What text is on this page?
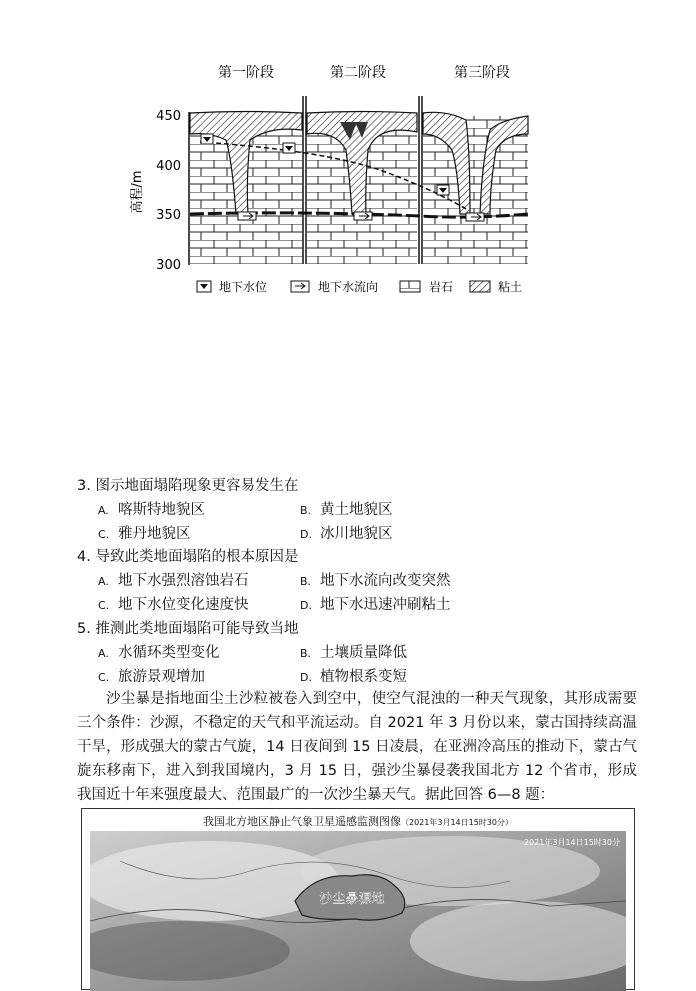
第一阶段	第二阶段	第三阶段
高程/m
450
400
350
300
地下水位	地下水流向	岩石	粘土
3. 图示地面塌陷现象更容易发生在
A. 喀斯特地貌区	B. 黄土地貌区
C. 雅丹地貌区	D. 冰川地貌区
4. 导致此类地面塌陷的根本原因是
A. 地下水强烈溶蚀岩石	B. 地下水流向改变突然
C. 地下水位变化速度快	D. 地下水迅速冲刷粘土
5. 推测此类地面塌陷可能导致当地
A. 水循环类型变化	B. 土壤质量降低
C. 旅游景观增加	D. 植物根系变短

沙尘暴是指地面尘土沙粒被卷入到空中，使空气混浊的一种天气现象，其形成需要三个条件：沙源，不稳定的天气和平流运动。自 2021 年 3 月份以来，蒙古国持续高温干旱，形成强大的蒙古气旋，14 日夜间到 15 日凌晨，在亚洲冷高压的推动下，蒙古气旋东移南下，进入到我国境内，3 月 15 日，强沙尘暴侵袭我国北方 12 个省市，形成我国近十年来强度最大、范围最广的一次沙尘暴天气。据此回答 6—8 题：

我国北方地区静止气象卫星遥感监测图像（2021年3月14日15时30分）
沙尘暴源地
2021年3月14日15时30分
